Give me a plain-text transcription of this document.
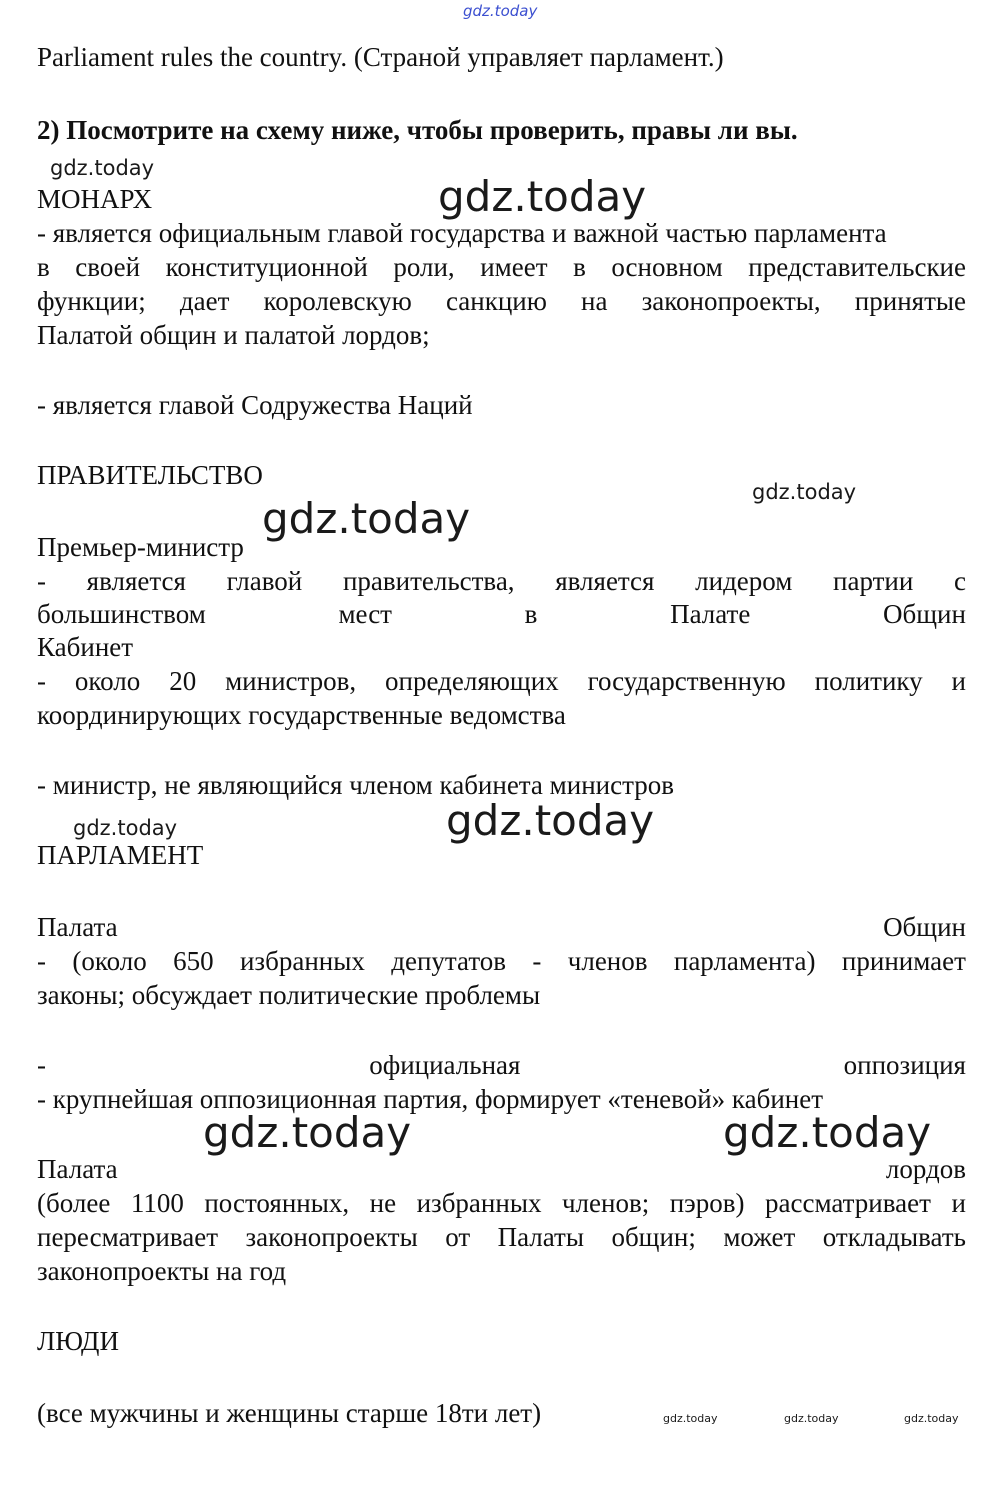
gdz.today
gdz.today
gdz.today
gdz.today
gdz.today
gdz.today	gdz.today
gdz.today	gdz.today
gdz.today	gdz.today	gdz.today
Parliament rules the country. (Страной управляет парламент.)
2) Посмотрите на схему ниже, чтобы проверить, правы ли вы.
МОНАРХ
- является официальным главой государства и важной частью парламента
в своей конституционной роли, имеет в основном представительские
функции; дает королевскую санкцию на законопроекты, принятые
Палатой общин и палатой лордов;
- является главой Содружества Наций
ПРАВИТЕЛЬСТВО
Премьер-министр
- является главой правительства, является лидером партии с
большинством	мест	в	Палате	Общин
Кабинет
- около 20 министров, определяющих государственную политику и
координирующих государственные ведомства
- министр, не являющийся членом кабинета министров
ПАРЛАМЕНТ
Палата	Общин
- (около 650 избранных депутатов - членов парламента) принимает
законы; обсуждает политические проблемы
-	официальная	оппозиция
- крупнейшая оппозиционная партия, формирует «теневой» кабинет
Палата	лордов
(более 1100 постоянных, не избранных членов; пэров) рассматривает и
пересматривает законопроекты от Палаты общин; может откладывать
законопроекты на год
ЛЮДИ
(все мужчины и женщины старше 18ти лет)
